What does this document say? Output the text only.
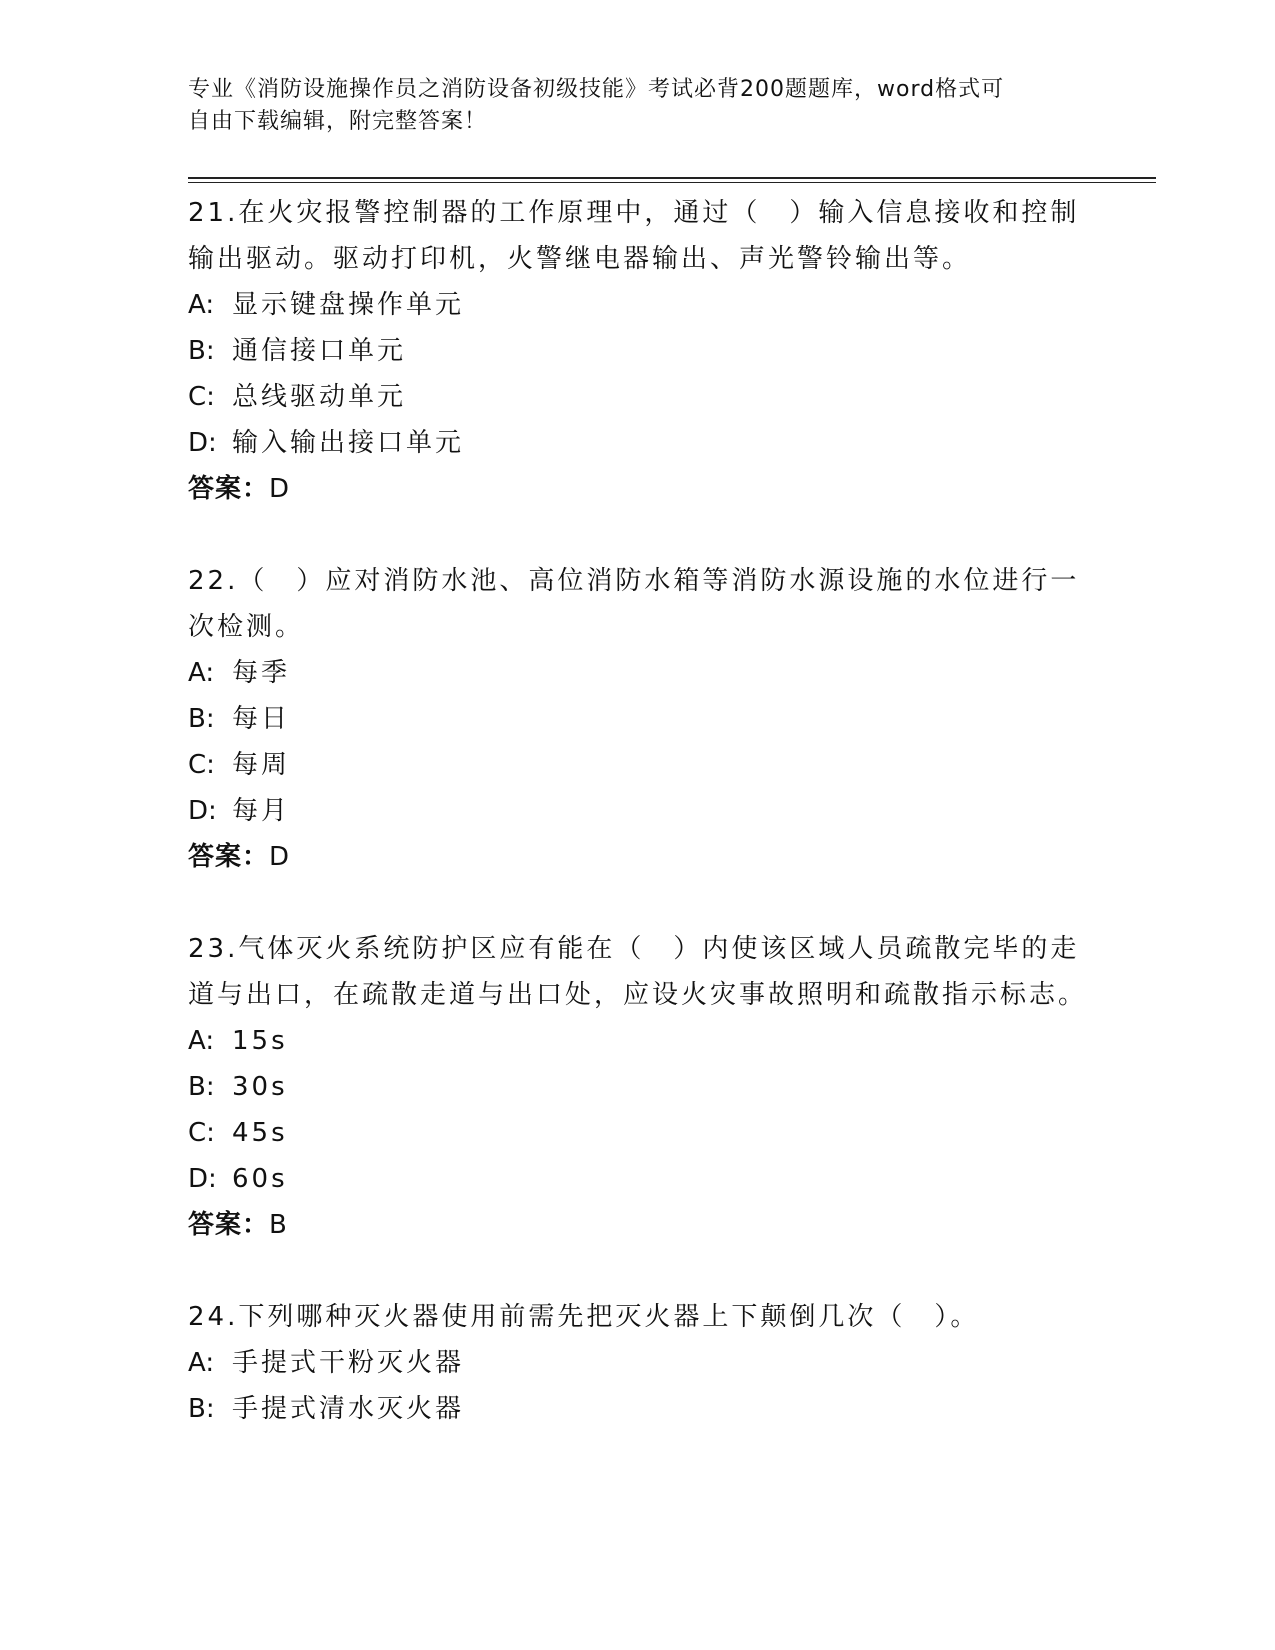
专业《消防设施操作员之消防设备初级技能》考试必背200题题库，word格式可
自由下载编辑，附完整答案！

21.在火灾报警控制器的工作原理中，通过（　）输入信息接收和控制输出驱动。驱动打印机，火警继电器输出、声光警铃输出等。

A: 显示键盘操作单元

B: 通信接口单元

C: 总线驱动单元

D: 输入输出接口单元

答案：D

22.（　）应对消防水池、高位消防水箱等消防水源设施的水位进行一次检测。

A: 每季

B: 每日

C: 每周

D: 每月

答案：D

23.气体灭火系统防护区应有能在（　）内使该区域人员疏散完毕的走道与出口，在疏散走道与出口处，应设火灾事故照明和疏散指示标志。

A: 15s

B: 30s

C: 45s

D: 60s

答案：B

24.下列哪种灭火器使用前需先把灭火器上下颠倒几次（　）。

A: 手提式干粉灭火器

B: 手提式清水灭火器
